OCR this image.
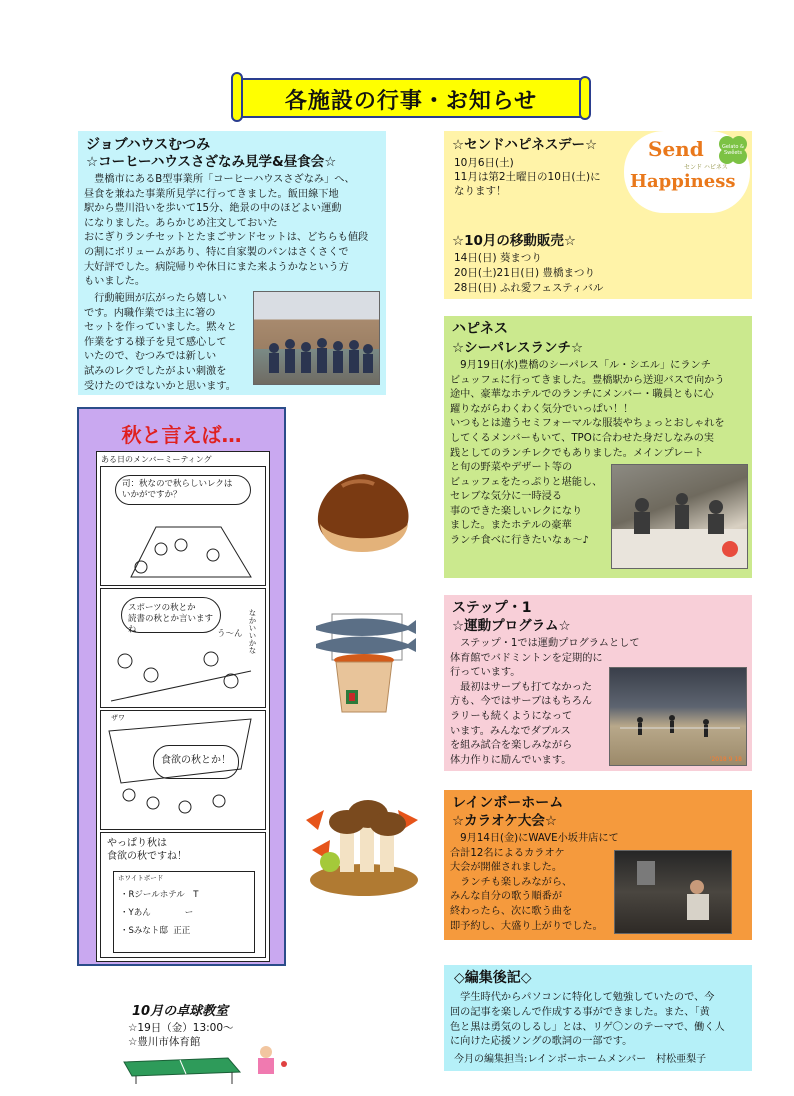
各施設の行事・お知らせ
ジョブハウスむつみ
☆コーヒーハウスさざなみ見学&昼食会☆
　豊橋市にあるB型事業所「コーヒーハウスさざなみ」へ、
昼食を兼ねた事業所見学に行ってきました。飯田線下地
駅から豊川沿いを歩いて15分、絶景の中のほどよい運動
になりました。あらかじめ注文しておいた
おにぎりランチセットとたまごサンドセットは、どちらも値段
の割にボリュームがあり、特に自家製のパンはさくさくで
大好評でした。病院帰りや休日にまた来ようかなという方
もいました。
　行動範囲が広がったら嬉しい
です。内職作業では主に箸の
セットを作っていました。黙々と
作業をする様子を見て感心して
いたので、むつみでは新しい
試みのレクでしたがよい刺激を
受けたのではないかと思います。
☆センドハピネスデー☆
10月6日(土)
11月は第2土曜日の10日(土)に
なります！
Send
Happiness
センド ハピネス
Gelato & Sweets
☆10月の移動販売☆
14日(日) 葵まつり
20日(土)21日(日) 豊橋まつり
28日(日) ふれ愛フェスティバル
ハピネス
☆シーパレスランチ☆
　9月19日(水)豊橋のシーパレス「ル・シエル」にランチ
ビュッフェに行ってきました。豊橋駅から送迎バスで向かう
途中、豪華なホテルでのランチにメンバー・職員ともに心
躍りながらわくわく気分でいっぱい！！
いつもとは違うセミフォーマルな服装やちょっとおしゃれを
してくるメンバーもいて、TPOに合わせた身だしなみの実
践としてのランチレクでもありました。メインプレート
と旬の野菜やデザート等の
ビュッフェをたっぷりと堪能し、
セレブな気分に一時浸る
事のできた楽しいレクになり
ました。またホテルの豪華
ランチ食べに行きたいなぁ～♪
秋と言えば…
ある日のメンバーミーティング
司：秋なので秋らしいレクは
いかがですか？
スポーツの秋とか
読書の秋とか言いますね	う～ん なかいいかな
ザワ
食欲の秋とか！
やっぱり秋は
食欲の秋ですね！
ホワイトボード
・Rジールホテル　T
・Yあん　　　　ー
・Sみなト邸  正正
ステップ・1
☆運動プログラム☆
　ステップ・1では運動プログラムとして
体育館でバドミントンを定期的に
行っています。
　最初はサーブも打てなかった
方も、今ではサーブはもちろん
ラリーも続くようになって
います。みんなでダブルス
を組み試合を楽しみながら
体力作りに励んでいます。	'2018 9 18
レインボーホーム
☆カラオケ大会☆
　9月14日(金)にWAVE小坂井店にて
合計12名によるカラオケ
大会が開催されました。
　ランチも楽しみながら、
みんな自分の歌う順番が
終わったら、次に歌う曲を
即予約し、大盛り上がりでした。
10月の卓球教室
☆19日（金）13:00～
☆豊川市体育館
◇編集後記◇
　学生時代からパソコンに特化して勉強していたので、今
回の記事を楽しんで作成する事ができました。また、「黄
色と黒は勇気のしるし」とは、リゲ〇ンのテーマで、働く人
に向けた応援ソングの歌詞の一部です。
今月の編集担当:レインボーホームメンバー　村松亜梨子
